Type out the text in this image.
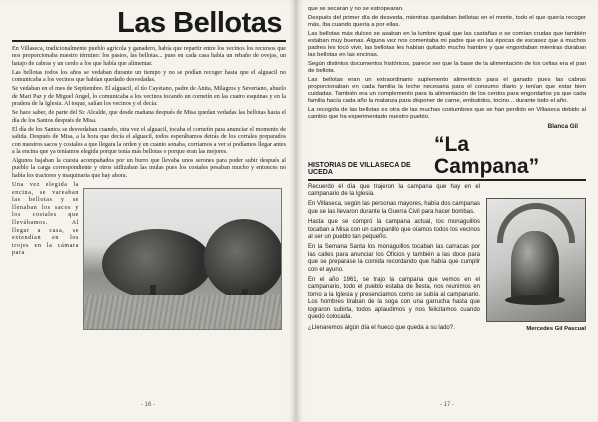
Las Bellotas

En Villaseca, tradicionalmente pueblo agrícola y ganadero, había que repartir entre los vecinos los recursos que nos proporcionaba nuestro término: los pastos, las bellotas... pues en cada casa había un rebaño de ovejas, un hatajo de cabras y un cerdo a los que había que alimentar.

Las bellotas todos los años se vedaban durante un tiempo y no se podían recoger hasta que el alguacil no comunicaba a los vecinos que habían quedado desvedadas.

Se vedaban en el mes de Septiembre. El alguacil, el tío Cayetano, padre de Anita, Milagros y Severiano, abuelo de Mari Paz y de Miguel Angel, lo comunicaba a los vecinos tocando un cornetín en las cuatro esquinas y en la pradera de la Iglesia. Al toque, salían los vecinos y el decía:

Se hace saber, de parte del Sr. Alcalde, que desde mañana después de Misa quedan vedadas las bellotas hasta el día de los Santos después de Misa.

El día de los Santos se desvedaban cuando, otra vez el alguacil, tocaba el cornetín para anunciar el momento de salida. Después de Misa, a la hora que decía el alguacil, todos esperábamos detrás de los corrales preparados con nuestros sacos y costales a que llegara la orden y en cuanto sonaba, corríamos a ver si podíamos llegar antes a la encina que ya teníamos elegida porque tenía más bellotas o porque eran las mejores.

Algunos bajaban la cuesta acompañados por un burro que llevaba unos serones para poder subir después al pueblo la carga correspondiente y otros utilizaban las mulas pues los costales pesaban mucho y entonces no había los tractores y maquinaria que hay ahora.

Una vez elegida la encina, se vareaban las bellotas y se llenaban los sacos y los costales que llevábamos. Al llegar a casa, se extendían en los trojes en la cámara para

- 16 -

que se secaran y no se estropearan.

Después del primer día de desveda, mientras quedaban bellotas en el monte, todo el que quería recoger más, iba cuando quería a por ellas.

Las bellotas más dulces se asaban en la lumbre igual que las castañas o se comían crudas que también estaban muy buenas. Alguna vez nos comentaba mi padre que en las épocas de escasez que a muchos padres les tocó vivir, las bellotas les habían quitado mucho hambre y que engordaban mientras duraban las bellotas en las encinas.

Según distintos documentos históricos, parece ser que la base de la alimentación de los celtas era el pan de bellota.

Las bellotas eran un extraordinario suplemento alimenticio para el ganado pues las cabras proporcionaban en cada familia la leche necesaria para el consumo diario y tenían que estar bien cuidadas. También era un complemento para la alimentación de los cerdos para engordarlos ya que cada familia hacía cada año la matanza para disponer de carne, embutidos, tocino... durante todo el año.

La recogida de las bellotas es otra de las muchas costumbres que se han perdido en Villaseca debido al cambio que ha experimentado nuestro pueblo.

Blanca Gil
HISTORIAS DE VILLASECA DE UCEDA
“La Campana”

Recuerdo el día que trajeron la campana que hay en el campanario de la Iglesia.

En Villaseca, según las personas mayores, había dos campanas que se las llevaron durante la Guerra Civil para hacer bombas.

Hasta que se compró la campana actual, los monaguillos tocaban a Misa con un campanillo que oíamos todos los vecinos al ser un pueblo tan pequeño.

En la Semana Santa los monaguillos tocaban las carracas por las calles para anunciar los Oficios y también a las doce para que se preparase la comida recordando que había que cumplir con el ayuno.

En el año 1961, se trajo la campana que vemos en el campanario, todo el pueblo estaba de fiesta, nos reunimos en torno a la Iglesia y presenciamos como se subía al campanario. Los hombres tiraban de la soga con una garrucha hasta que lograron subirla, todos aplaudimos y nos felicitamos cuando quedó colocada.

¿Llenaremos algún día el hueco que queda a su lado?.	Mercedes Gil Pascual
- 17 -
